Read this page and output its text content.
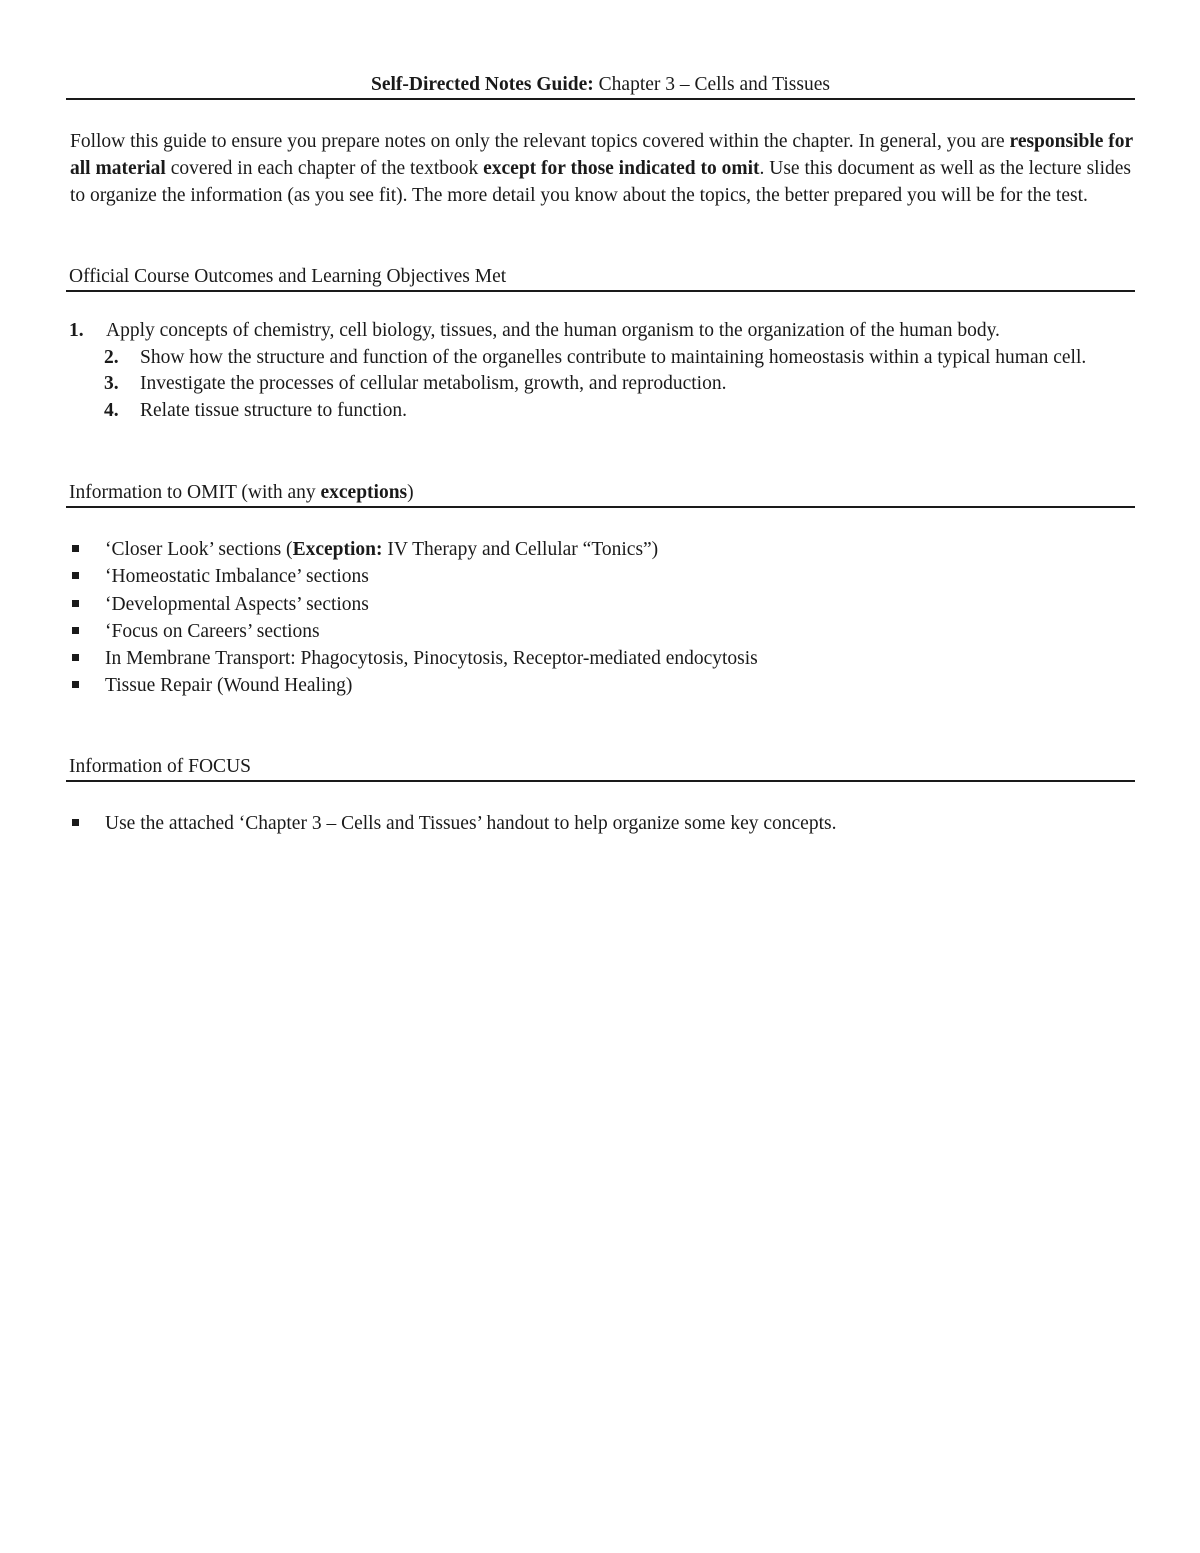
Self-Directed Notes Guide: Chapter 3 – Cells and Tissues
Follow this guide to ensure you prepare notes on only the relevant topics covered within the chapter. In general, you are responsible for all material covered in each chapter of the textbook except for those indicated to omit. Use this document as well as the lecture slides to organize the information (as you see fit). The more detail you know about the topics, the better prepared you will be for the test.
Official Course Outcomes and Learning Objectives Met
1. Apply concepts of chemistry, cell biology, tissues, and the human organism to the organization of the human body.
2. Show how the structure and function of the organelles contribute to maintaining homeostasis within a typical human cell.
3. Investigate the processes of cellular metabolism, growth, and reproduction.
4. Relate tissue structure to function.
Information to OMIT (with any exceptions)
‘Closer Look’ sections (Exception: IV Therapy and Cellular “Tonics”)
‘Homeostatic Imbalance’ sections
‘Developmental Aspects’ sections
‘Focus on Careers’ sections
In Membrane Transport: Phagocytosis, Pinocytosis, Receptor-mediated endocytosis
Tissue Repair (Wound Healing)
Information of FOCUS
Use the attached ‘Chapter 3 – Cells and Tissues’ handout to help organize some key concepts.
